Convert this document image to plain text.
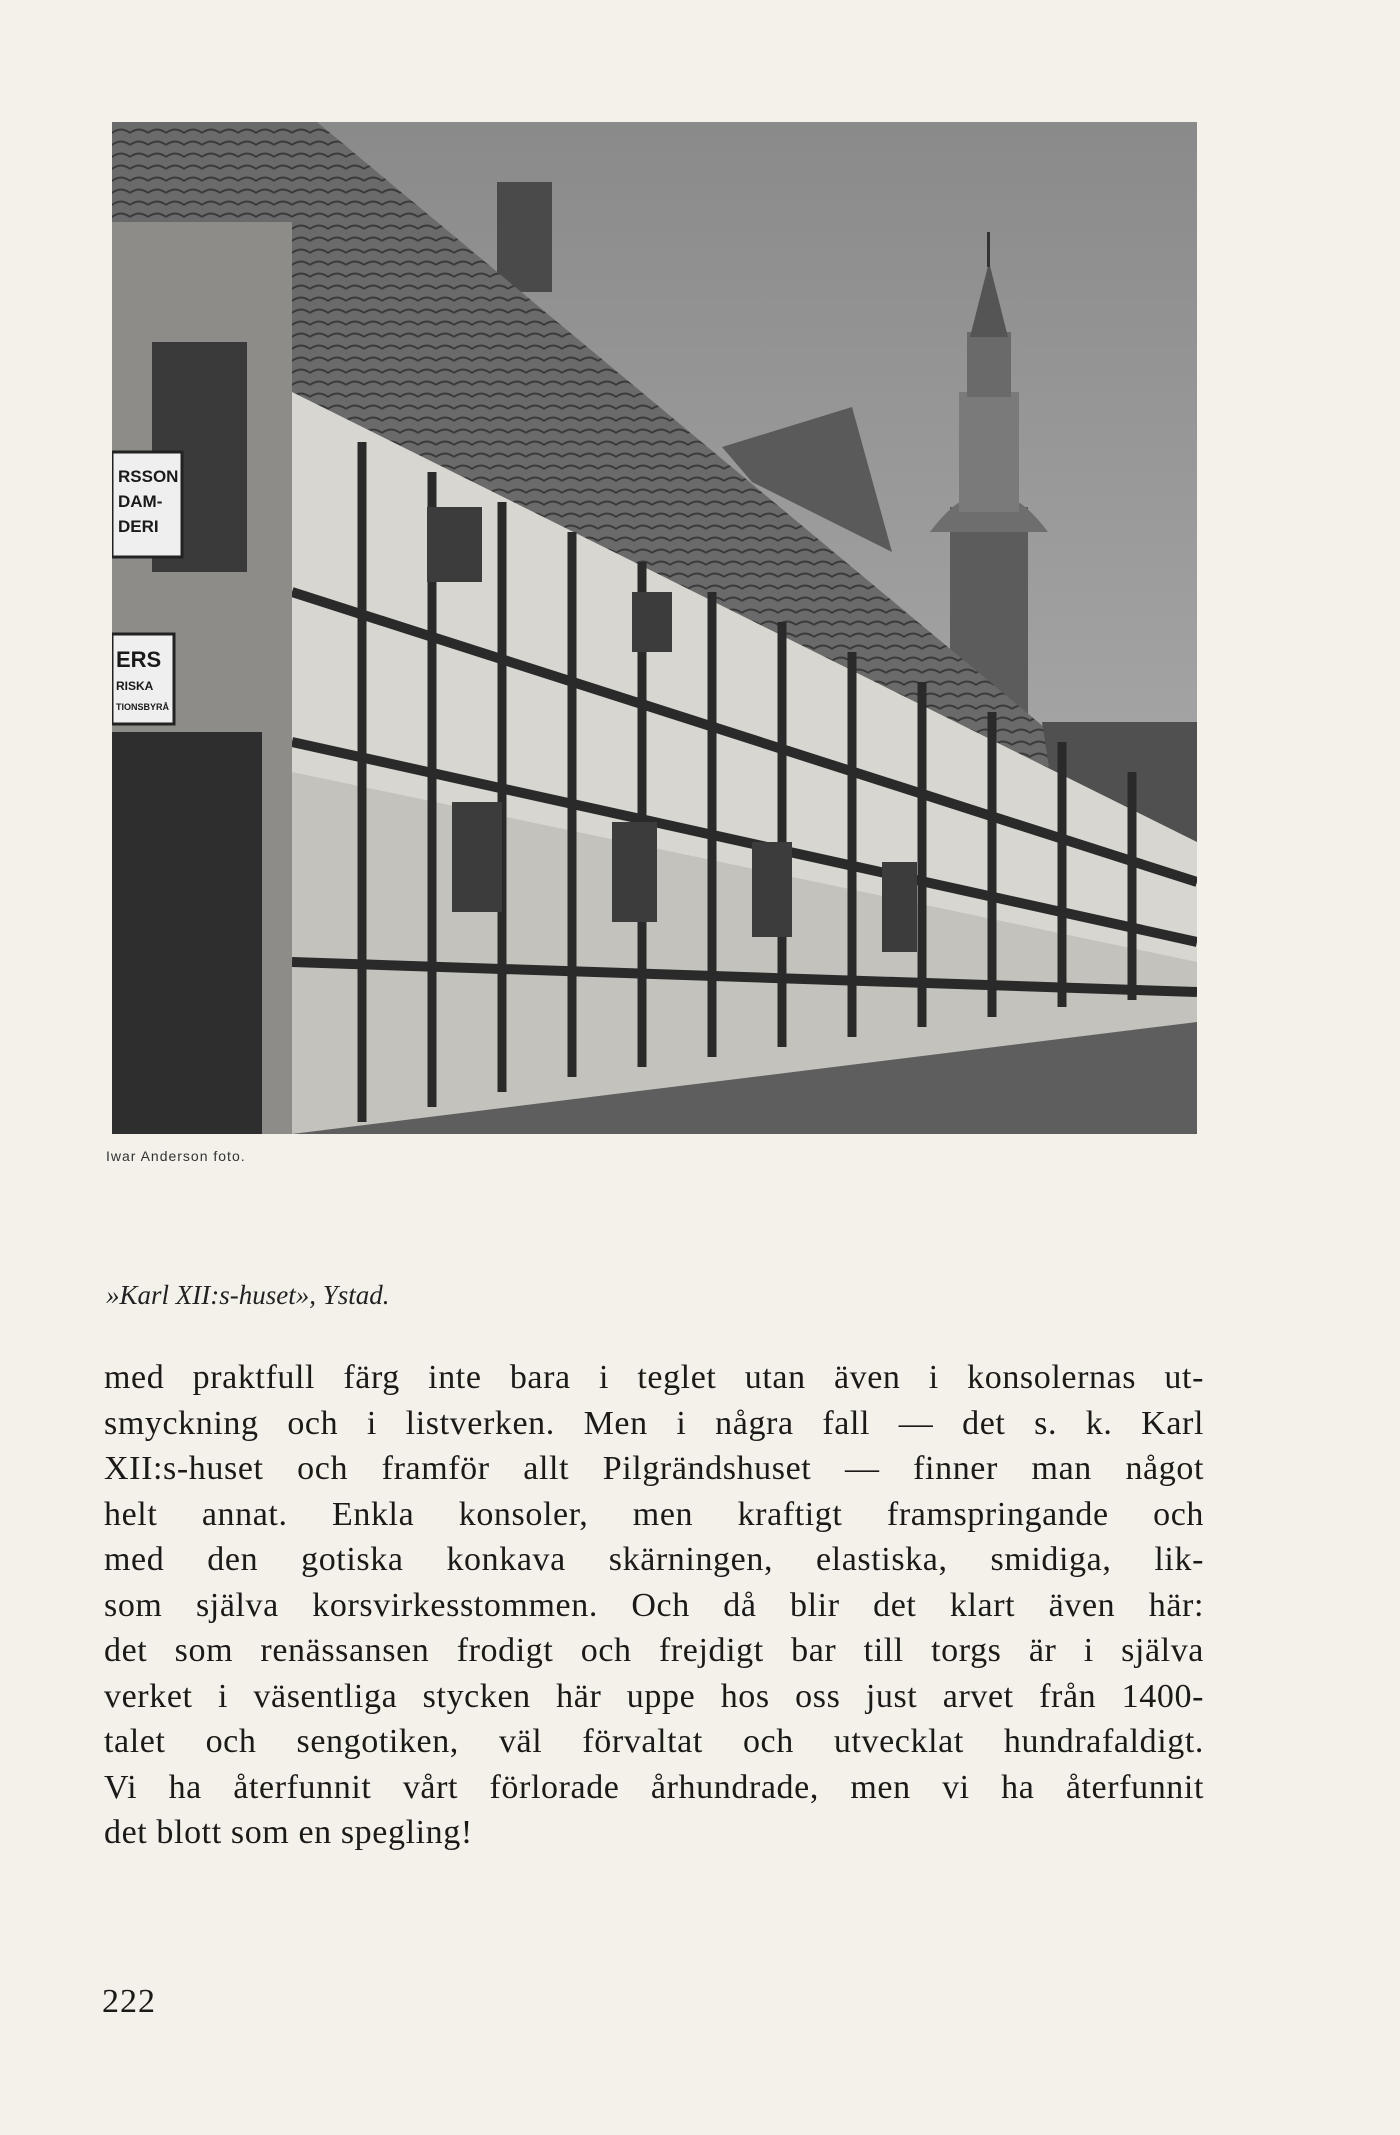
RSSON
DAM-
DERI
ERS
RISKA
TIONSBYRÅ
Iwar Anderson foto.
»Karl XII:s-huset», Ystad.
med praktfull färg inte bara i teglet utan även i konsolernas ut-
smyckning och i listverken. Men i några fall — det s. k. Karl
XII:s-huset och framför allt Pilgrändshuset — finner man något
helt annat. Enkla konsoler, men kraftigt framspringande och
med den gotiska konkava skärningen, elastiska, smidiga, lik-
som själva korsvirkesstommen. Och då blir det klart även här:
det som renässansen frodigt och frejdigt bar till torgs är i själva
verket i väsentliga stycken här uppe hos oss just arvet från 1400-
talet och sengotiken, väl förvaltat och utvecklat hundrafaldigt.
Vi ha återfunnit vårt förlorade århundrade, men vi ha återfunnit
det blott som en spegling!
222
